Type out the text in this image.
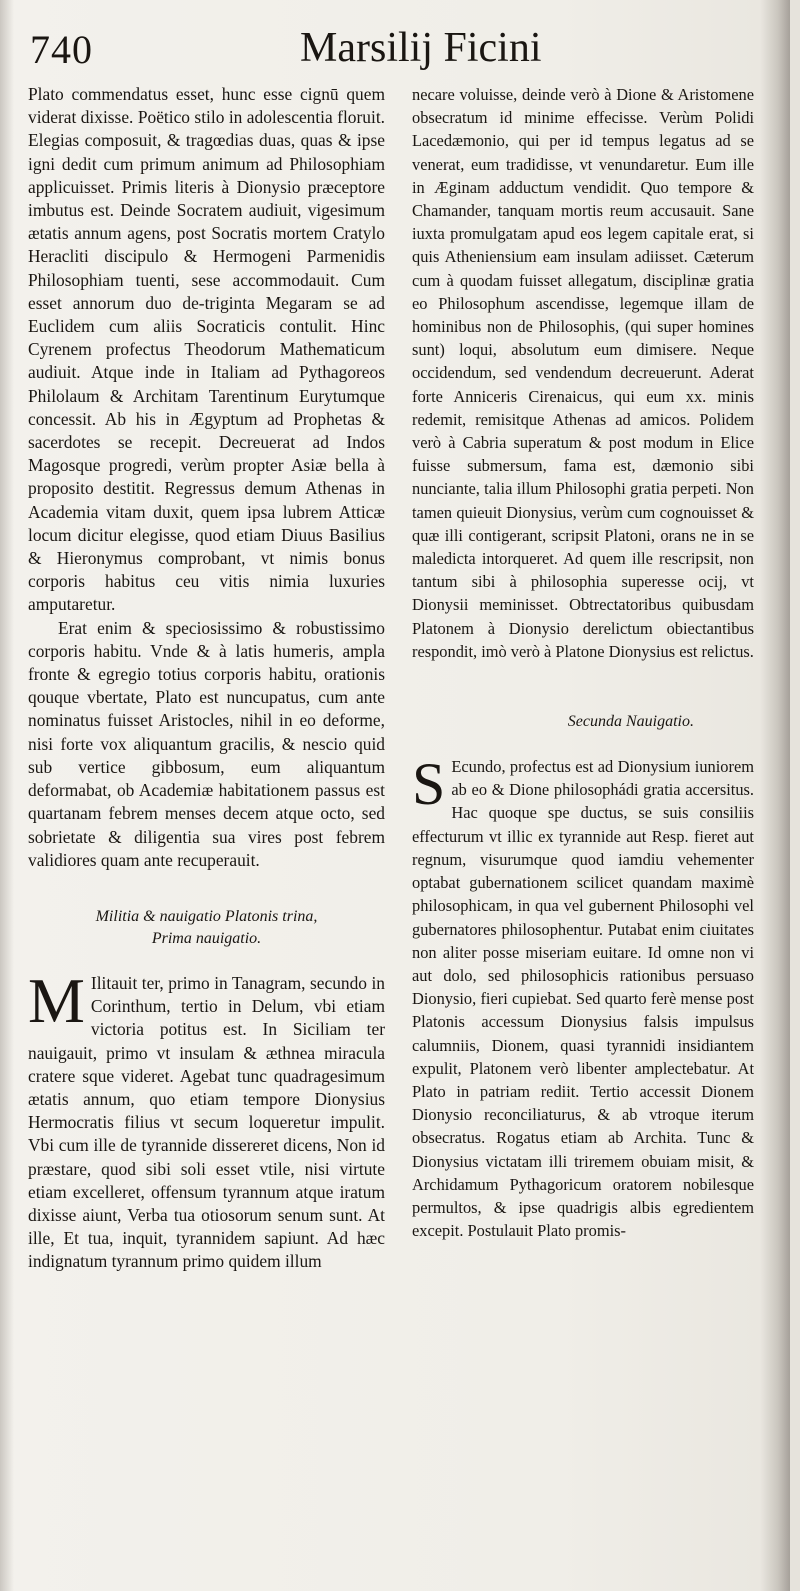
740	Marsilij Ficini

Plato commendatus esset, hunc esse cignū quem viderat dixisse. Poëtico stilo in adolescentia floruit. Elegias composuit, & tragœdias duas, quas & ipse igni dedit cum primum animum ad Philosophiam applicuisset. Primis literis à Dionysio præceptore imbutus est. Deinde Socratem audiuit, vigesimum ætatis annum agens, post Socratis mortem Cratylo Heracliti discipulo & Hermogeni Parmenidis Philosophiam tuenti, sese accommodauit. Cum esset annorum duo de-triginta Megaram se ad Euclidem cum aliis Socraticis contulit. Hinc Cyrenem profectus Theodorum Mathematicum audiuit. Atque inde in Italiam ad Pythagoreos Philolaum & Architam Tarentinum Eurytumque concessit. Ab his in Ægyptum ad Prophetas & sacerdotes se recepit. Decreuerat ad Indos Magosque progredi, verùm propter Asiæ bella à proposito destitit. Regressus demum Athenas in Academia vitam duxit, quem ipsa lubrem Atticæ locum dicitur elegisse, quod etiam Diuus Basilius & Hieronymus comprobant, vt nimis bonus corporis habitus ceu vitis nimia luxuries amputaretur.

Erat enim & speciosissimo & robustissimo corporis habitu. Vnde & à latis humeris, ampla fronte & egregio totius corporis habitu, orationis qouque vbertate, Plato est nuncupatus, cum ante nominatus fuisset Aristocles, nihil in eo deforme, nisi forte vox aliquantum gracilis, & nescio quid sub vertice gibbosum, eum aliquantum deformabat, ob Academiæ habitationem passus est quartanam febrem menses decem atque octo, sed sobrietate & diligentia sua vires post febrem validiores quam ante recuperauit.

Militia & nauigatio Platonis trina,
Prima nauigatio.

M Ilitauit ter, primo in Tanagram, secundo in Corinthum, tertio in Delum, vbi etiam victoria potitus est. In Siciliam ter nauigauit, primo vt insulam & æthnea miracula cratere sque videret. Agebat tunc quadragesimum ætatis annum, quo etiam tempore Dionysius Hermocratis filius vt secum loqueretur impulit. Vbi cum ille de tyrannide dissereret dicens, Non id præstare, quod sibi soli esset vtile, nisi virtute etiam excelleret, offensum tyrannum atque iratum dixisse aiunt, Verba tua otiosorum senum sunt. At ille, Et tua, inquit, tyrannidem sapiunt. Ad hæc indignatum tyrannum primo quidem illum

necare voluisse, deinde verò à Dione & Aristomene obsecratum id minime effecisse. Verùm Polidi Lacedæmonio, qui per id tempus legatus ad se venerat, eum tradidisse, vt venundaretur. Eum ille in Æginam adductum vendidit. Quo tempore & Chamander, tanquam mortis reum accusauit. Sane iuxta promulgatam apud eos legem capitale erat, si quis Atheniensium eam insulam adiisset. Cæterum cum à quodam fuisset allegatum, disciplinæ gratia eo Philosophum ascendisse, legemque illam de hominibus non de Philosophis, (qui super homines sunt) loqui, absolutum eum dimisere. Neque occidendum, sed vendendum decreuerunt. Aderat forte Anniceris Cirenaicus, qui eum xx. minis redemit, remisitque Athenas ad amicos. Polidem verò à Cabria superatum & post modum in Elice fuisse submersum, fama est, dæmonio sibi nunciante, talia illum Philosophi gratia perpeti. Non tamen quieuit Dionysius, verùm cum cognouisset & quæ illi contigerant, scripsit Platoni, orans ne in se maledicta intorqueret. Ad quem ille rescripsit, non tantum sibi à philosophia superesse ocij, vt Dionysii meminisset. Obtrectatoribus quibusdam Platonem à Dionysio derelictum obiectantibus respondit, imò verò à Platone Dionysius est relictus.

Secunda Nauigatio.

S Ecundo, profectus est ad Dionysium iuniorem ab eo & Dione philosophádi gratia accersitus. Hac quoque spe ductus, se suis consiliis effecturum vt illic ex tyrannide aut Resp. fieret aut regnum, visurumque quod iamdiu vehementer optabat gubernationem scilicet quandam maximè philosophicam, in qua vel gubernent Philosophi vel gubernatores philosophentur. Putabat enim ciuitates non aliter posse miseriam euitare. Id omne non vi aut dolo, sed philosophicis rationibus persuaso Dionysio, fieri cupiebat. Sed quarto ferè mense post Platonis accessum Dionysius falsis impulsus calumniis, Dionem, quasi tyrannidi insidiantem expulit, Platonem verò libenter amplectebatur. At Plato in patriam rediit. Tertio accessit Dionem Dionysio reconciliaturus, & ab vtroque iterum obsecratus. Rogatus etiam ab Archita. Tunc & Dionysius victatam illi triremem obuiam misit, & Archidamum Pythagoricum oratorem nobilesque permultos, & ipse quadrigis albis egredientem excepit. Postulauit Plato promis-
